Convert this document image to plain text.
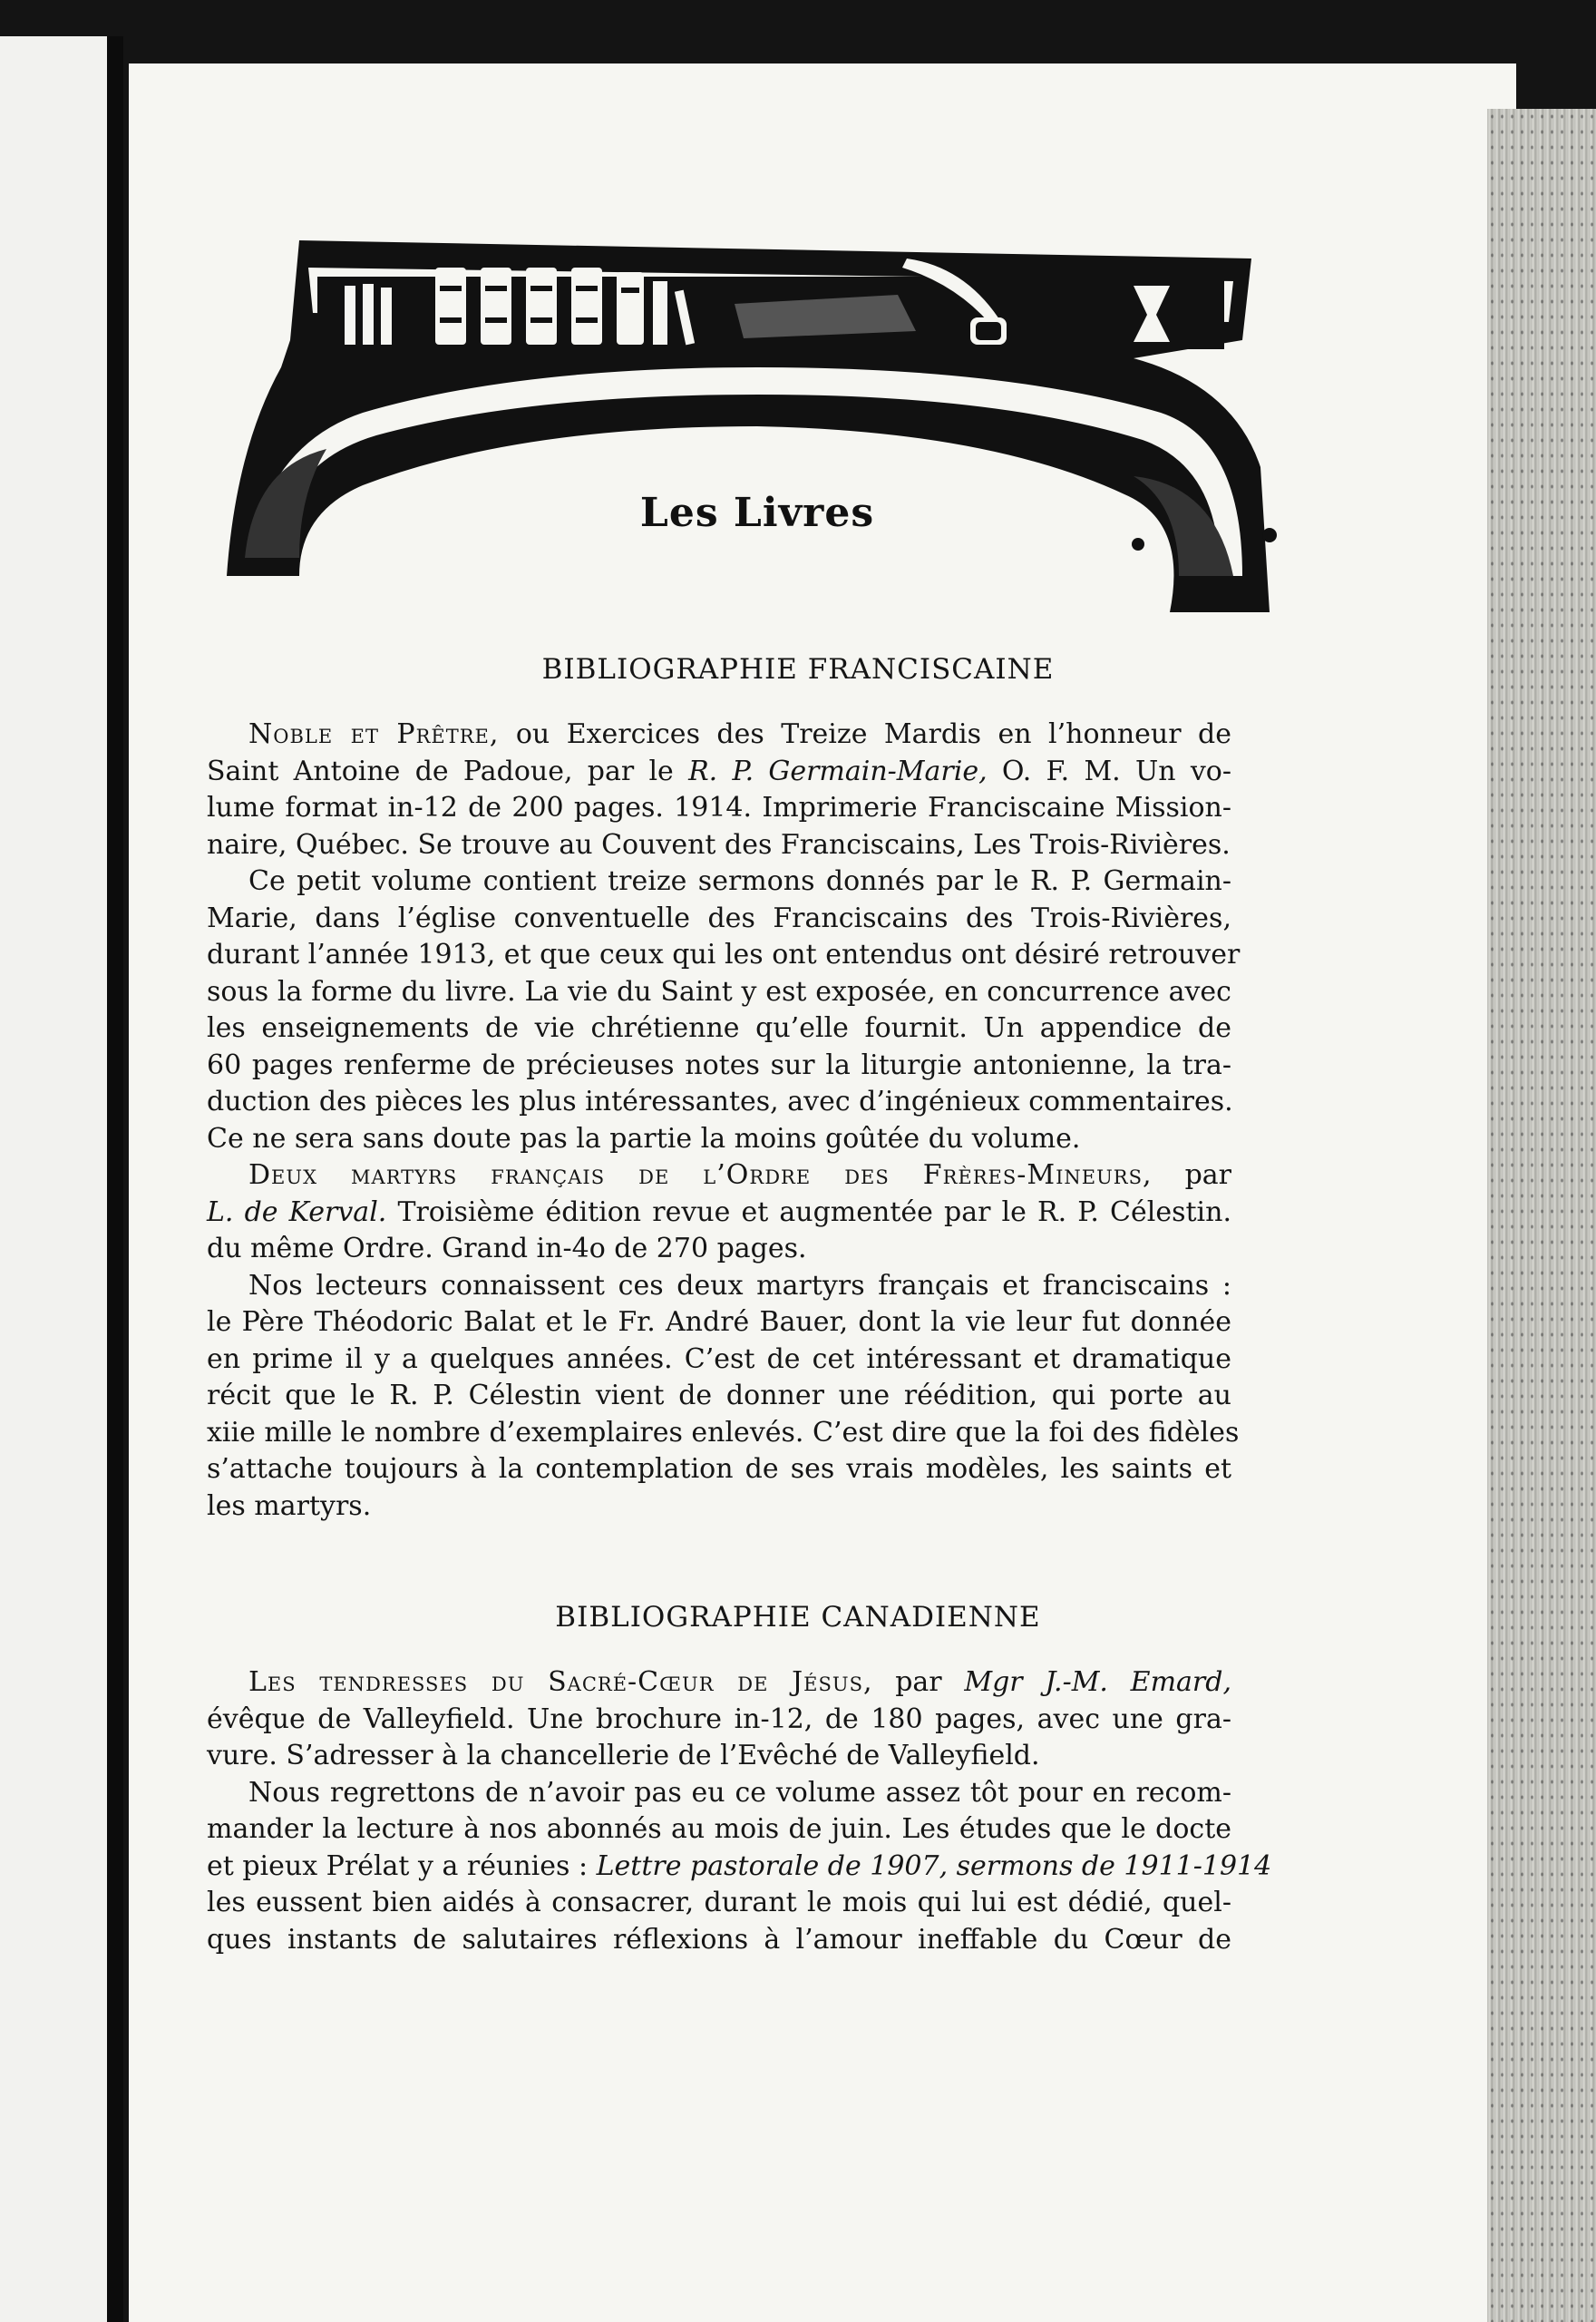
Les Livres
BIBLIOGRAPHIE FRANCISCAINE
Noble et Prêtre, ou Exercices des Treize Mardis en l’honneur de
Saint Antoine de Padoue, par le R. P. Germain-Marie, O. F. M. Un vo-
lume format in-12 de 200 pages. 1914. Imprimerie Franciscaine Mission-
naire, Québec. Se trouve au Couvent des Franciscains, Les Trois-Rivières.
Ce petit volume contient treize sermons donnés par le R. P. Germain-
Marie, dans l’église conventuelle des Franciscains des Trois-Rivières,
durant l’année 1913, et que ceux qui les ont entendus ont désiré retrouver
sous la forme du livre. La vie du Saint y est exposée, en concurrence avec
les enseignements de vie chrétienne qu’elle fournit. Un appendice de
60 pages renferme de précieuses notes sur la liturgie antonienne, la tra-
duction des pièces les plus intéressantes, avec d’ingénieux commentaires.
Ce ne sera sans doute pas la partie la moins goûtée du volume.
Deux martyrs français de l’Ordre des Frères-Mineurs, par
L. de Kerval. Troisième édition revue et augmentée par le R. P. Célestin.
du même Ordre. Grand in-4o de 270 pages.
Nos lecteurs connaissent ces deux martyrs français et franciscains :
le Père Théodoric Balat et le Fr. André Bauer, dont la vie leur fut donnée
en prime il y a quelques années. C’est de cet intéressant et dramatique
récit que le R. P. Célestin vient de donner une réédition, qui porte au
xiie mille le nombre d’exemplaires enlevés. C’est dire que la foi des fidèles
s’attache toujours à la contemplation de ses vrais modèles, les saints et
les martyrs.
BIBLIOGRAPHIE CANADIENNE
Les tendresses du Sacré-Cœur de Jésus, par Mgr J.-M. Emard,
évêque de Valleyfield. Une brochure in-12, de 180 pages, avec une gra-
vure. S’adresser à la chancellerie de l’Evêché de Valleyfield.
Nous regrettons de n’avoir pas eu ce volume assez tôt pour en recom-
mander la lecture à nos abonnés au mois de juin. Les études que le docte
et pieux Prélat y a réunies : Lettre pastorale de 1907, sermons de 1911-1914
les eussent bien aidés à consacrer, durant le mois qui lui est dédié, quel-
ques instants de salutaires réflexions à l’amour ineffable du Cœur de
